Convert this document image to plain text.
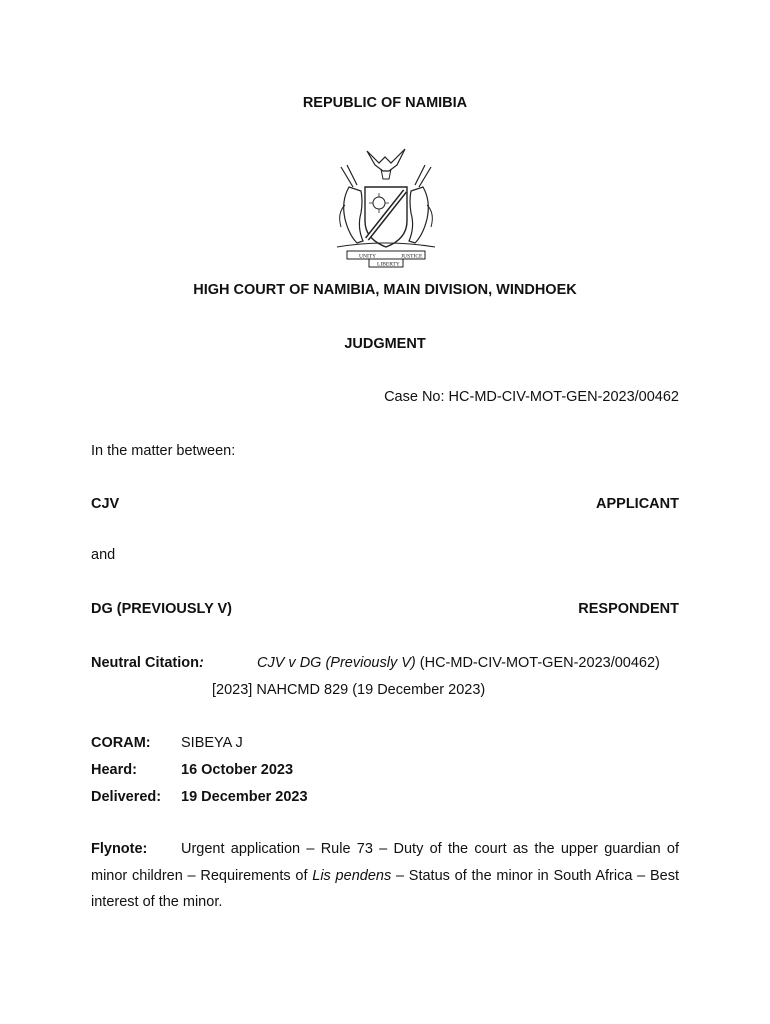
REPUBLIC OF NAMIBIA
UNITY	JUSTICE
LIBERTY
HIGH COURT OF NAMIBIA, MAIN DIVISION, WINDHOEK
JUDGMENT
Case No: HC-MD-CIV-MOT-GEN-2023/00462
In the matter between:
CJV	APPLICANT
and
DG (PREVIOUSLY V)	RESPONDENT
Neutral Citation:	CJV v DG (Previously V) (HC-MD-CIV-MOT-GEN-2023/00462)
[2023] NAHCMD 829 (19 December 2023)
CORAM: SIBEYA J
Heard:	16 October 2023
Delivered: 19 December 2023
Flynote: Urgent application – Rule 73 – Duty of the court as the upper guardian of minor children – Requirements of Lis pendens – Status of the minor in South Africa – Best interest of the minor.
